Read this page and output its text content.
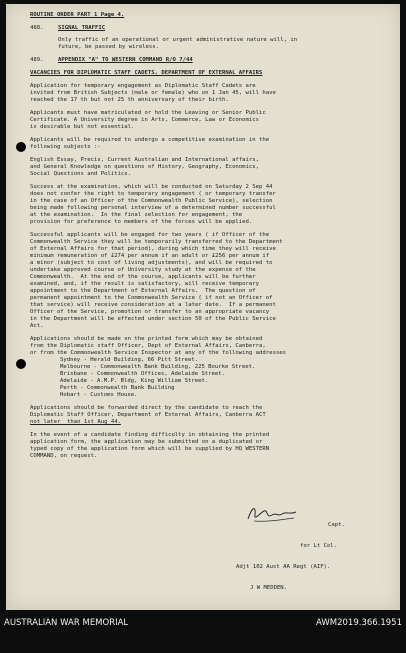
ROUTINE ORDER PART 1 Page 4.
488.	SIGNAL TRAFFIC

Only traffic of an operational or urgent administrative nature will, in

future, be passed by wireless.

489.	APPENDIX "A" TO WESTERN COMMAND R/O 7/44
VACANCIES FOR DIPLOMATIC STAFF CADETS, DEPARTMENT OF EXTERNAL AFFAIRS

Application for temporary engagement as Diplomatic Staff Cadets are

invited from British Subjects (male or female) who on 1 Jan 45, will have

reached the 17 th but not 25 th anniversary of their birth.

Applicants must have matriculated or hold the Leaving or Senior Public

Certificate. A University degree in Arts, Commerce, Law or Economics

is desirable but not essential.

Applicants will be required to undergo a competitive examination in the

following subjects :-

English Essay, Precis, Current Australian and International affairs,

and General Knowledge on questions of History, Geography, Economics,

Social Questions and Politics.

Success at the examination, which will be conducted on Saturday 2 Sep 44

does not confer the right to temporary engagement ( or temporary transfer

in the case of an Officer of the Commonwealth Public Service), selection

being made following personal interview of a determined number successful

at the examination.  In the final selection for engagement, the

provision for preference to members of the forces will be applied.

Successful applicants will be engaged for two years ( if Officer of the

Commonwealth Service they will be temporarily transferred to the Department

of External Affairs for that period), during which time they will receive

minimum remuneration of £274 per annum if an adult or £256 per annum if

a minor (subject to cost of living adjustments), and will be required to

undertake approved course of University study at the expense of the

Commonwealth.  At the end of the course, applicants will be further

examined, and, if the result is satisfactory, will receive temporary

appointment to the Department of External Affairs.  The question of

permanent appointment to the Commonwealth Service ( if not an Officer of

that service) will receive consideration at a later date.  If a permanent

Officer of the Service, promotion or transfer to an appropriate vacancy

in the Department will be effected under section 50 of the Public Service

Act.

Applications should be made on the printed form which may be obtained

from the Diplomatic staff Officer, Dept of External Affairs, Canberra,

or from the Commonwealth Service Inspector at any of the following addresses

Sydney - Herald Building, 66 Pitt Street.

Melbourne - Commonwealth Bank Building, 225 Bourke Street.

Brisbane - Commonwealth Offices, Adelaide Street.

Adelaide - A.M.P. Bldg, King William Street.

Perth - Commonwealth Bank Building

Hobart - Customs House.

Applications should be forwarded direct by the candidate to reach the

Diplomatic Staff Officer, Department of External Affairs, Canberra ACT

not later  than 1st Aug 44.

In the event of a candidate finding difficulty in obtaining the printed

application form, the application may be submitted on a duplicated or

typed copy of the application form which will be supplied by HQ WESTERN

COMMAND, on request.

Capt.

for Lt Col.

Adjt 102 Aust AA Regt (AIF).

J W MEDDEN.

AUSTRALIAN WAR MEMORIAL	AWM2019.366.1951
